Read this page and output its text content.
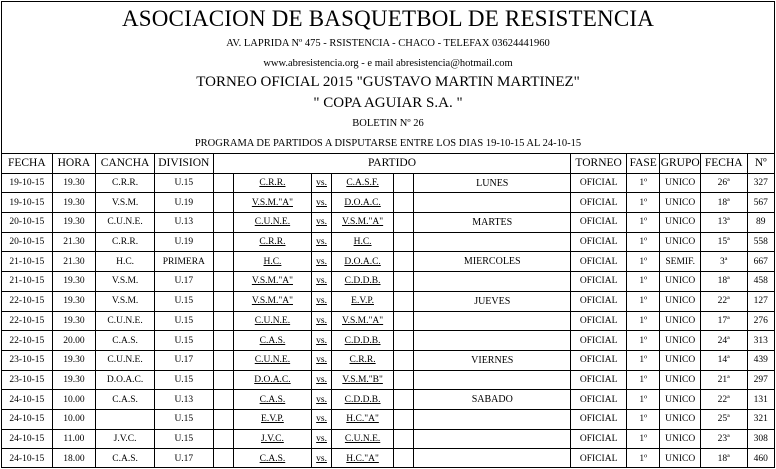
ASOCIACION DE BASQUETBOL DE RESISTENCIA
AV. LAPRIDA Nº 475 - RSISTENCIA - CHACO - TELEFAX 03624441960
www.abresistencia.org - e mail abresistencia@hotmail.com
TORNEO OFICIAL 2015 "GUSTAVO MARTIN MARTINEZ"
" COPA AGUIAR S.A. "
BOLETIN Nº 26
PROGRAMA DE PARTIDOS A DISPUTARSE ENTRE LOS DIAS 19-10-15 AL 24-10-15
FECHA	HORA	CANCHA	DIVISION	PARTIDO						TORNEO	FASE	GRUPO	FECHA	Nº
19-10-15	19.30	C.R.R.	U.15		C.R.R.	vs.	C.A.S.F.		LUNES	OFICIAL	1º	UNICO	26ª	327
19-10-15	19.30	V.S.M.	U.19		V.S.M."A"	vs.	D.O.A.C.			OFICIAL	1º	UNICO	18ª	567
20-10-15	19.30	C.U.N.E.	U.13		C.U.N.E.	vs.	V.S.M."A"		MARTES	OFICIAL	1º	UNICO	13ª	89
20-10-15	21.30	C.R.R.	U.19		C.R.R.	vs.	H.C.			OFICIAL	1º	UNICO	15ª	558
21-10-15	21.30	H.C.	PRIMERA		H.C.	vs.	D.O.A.C.		MIERCOLES	OFICIAL	1º	SEMIF.	3ª	667
21-10-15	19.30	V.S.M.	U.17		V.S.M."A"	vs.	C.D.D.B.			OFICIAL	1º	UNICO	18ª	458
22-10-15	19.30	V.S.M.	U.15		V.S.M."A"	vs.	E.V.P.		JUEVES	OFICIAL	1º	UNICO	22ª	127
22-10-15	19.30	C.U.N.E.	U.15		C.U.N.E.	vs.	V.S.M."A"			OFICIAL	1º	UNICO	17ª	276
22-10-15	20.00	C.A.S.	U.15		C.A.S.	vs.	C.D.D.B.			OFICIAL	1º	UNICO	24ª	313
23-10-15	19.30	C.U.N.E.	U.17		C.U.N.E.	vs.	C.R.R.		VIERNES	OFICIAL	1º	UNICO	14ª	439
23-10-15	19.30	D.O.A.C.	U.15		D.O.A.C.	vs.	V.S.M."B"			OFICIAL	1º	UNICO	21ª	297
24-10-15	10.00	C.A.S.	U.13		C.A.S.	vs.	C.D.D.B.		SABADO	OFICIAL	1º	UNICO	22ª	131
24-10-15	10.00		U.15		E.V.P.	vs.	H.C."A"			OFICIAL	1º	UNICO	25ª	321
24-10-15	11.00	J.V.C.	U.15		J.V.C.	vs.	C.U.N.E.			OFICIAL	1º	UNICO	23ª	308
24-10-15	18.00	C.A.S.	U.17		C.A.S.	vs.	H.C."A"			OFICIAL	1º	UNICO	18ª	460
